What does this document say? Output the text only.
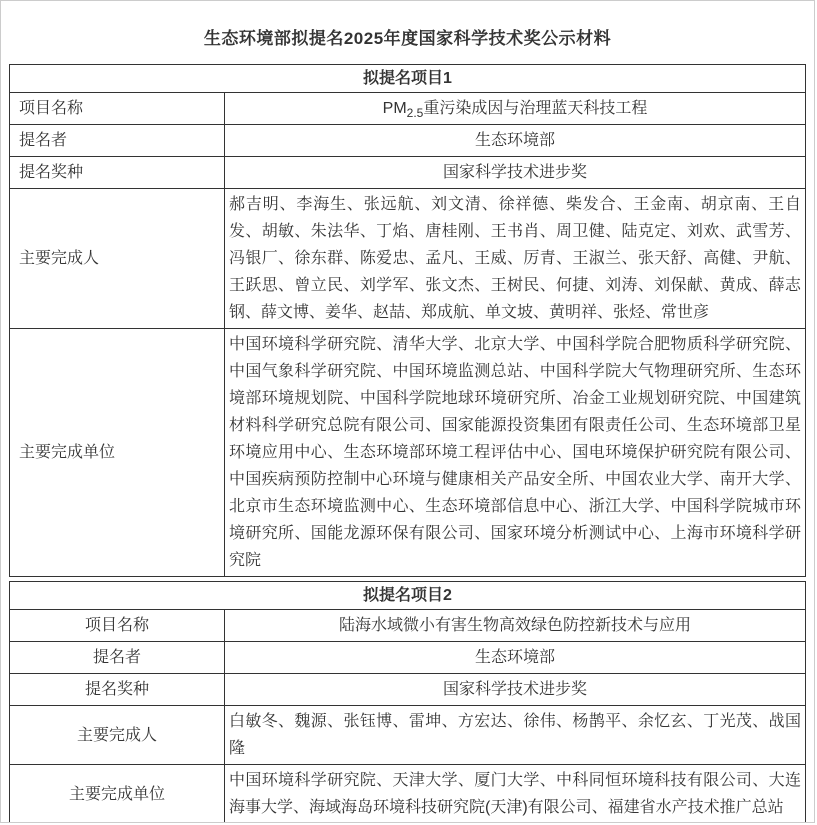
生态环境部拟提名2025年度国家科学技术奖公示材料
拟提名项目1	
项目名称	$PM_{2.5}$重污染成因与治理蓝天科技工程
提名者	生态环境部
提名奖种	国家科学技术进步奖
主要完成人	郝吉明、李海生、张远航、刘文清、徐祥德、柴发合、王金南、胡京南、王自发、胡敏、朱法华、丁焰、唐桂刚、王书肖、周卫健、陆克定、刘欢、武雪芳、冯银厂、徐东群、陈爱忠、孟凡、王威、厉青、王淑兰、张天舒、高健、尹航、王跃思、曾立民、刘学军、张文杰、王树民、何捷、刘涛、刘保献、黄成、薛志钢、薛文博、姜华、赵喆、郑成航、单文坡、黄明祥、张烃、常世彦
主要完成单位	中国环境科学研究院、清华大学、北京大学、中国科学院合肥物质科学研究院、中国气象科学研究院、中国环境监测总站、中国科学院大气物理研究所、生态环境部环境规划院、中国科学院地球环境研究所、冶金工业规划研究院、中国建筑材料科学研究总院有限公司、国家能源投资集团有限责任公司、生态环境部卫星环境应用中心、生态环境部环境工程评估中心、国电环境保护研究院有限公司、中国疾病预防控制中心环境与健康相关产品安全所、中国农业大学、南开大学、北京市生态环境监测中心、生态环境部信息中心、浙江大学、中国科学院城市环境研究所、国能龙源环保有限公司、国家环境分析测试中心、上海市环境科学研究院
拟提名项目2	
项目名称	陆海水域微小有害生物高效绿色防控新技术与应用
提名者	生态环境部
提名奖种	国家科学技术进步奖
主要完成人	白敏冬、魏源、张钰博、雷坤、方宏达、徐伟、杨鹊平、余忆玄、丁光茂、战国隆
主要完成单位	中国环境科学研究院、天津大学、厦门大学、中科同恒环境科技有限公司、大连海事大学、海域海岛环境科技研究院(天津)有限公司、福建省水产技术推广总站
